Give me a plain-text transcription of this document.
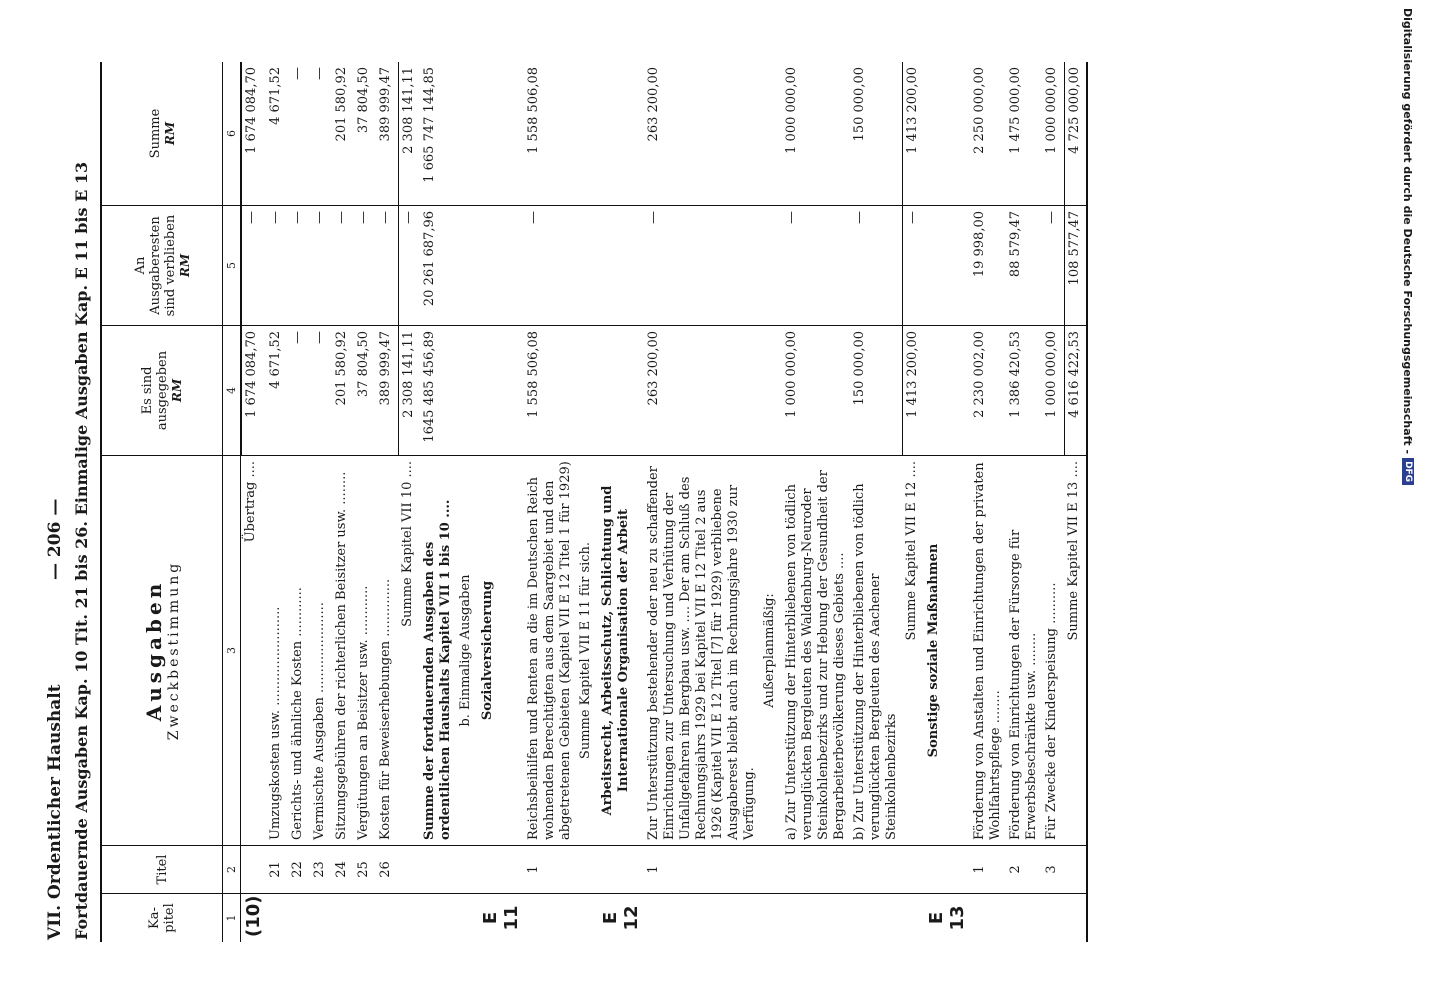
VII. Ordentlicher Haushalt
— 206 — Fortdauernde Ausgaben Kap. 10 Tit. 21 bis 26. Einmalige Ausgaben Kap. E 11 bis E 13	Ka-pitel
Titel
Ausgaben Zweckbestimmung
Es sind ausgegeben RM
An Ausgaberesten sind verblieben RM
Summe RM
1
2
3
4
5
6
(10)
Übertrag ....
1 674 084,70
—
1 674 084,70
21
Umzugskosten usw. ........................
4 671,52
—
4 671,52
22
Gerichts- und ähnliche Kosten ............
—
—
—
23
Vermischte Ausgaben ......................
—
—
—
24
Sitzungsgebühren der richterlichen Beisitzer usw. ........
201 580,92
—
201 580,92
25
Vergütungen an Beisitzer usw. ............
37 804,50
—
37 804,50
26
Kosten für Beweiserhebungen ..............
389 999,47
—
389 999,47
Summe Kapitel VII 10 ....
2 308 141,11
—
2 308 141,11
Summe der fortdauernden Ausgaben des ordentlichen Haushalts Kapitel VII 1 bis 10 ....
1645 485 456,89
20 261 687,96
1 665 747 144,85
b. Einmalige Ausgaben
E 11
Sozialversicherung
1
Reichsbeihilfen und Renten an die im Deutschen Reich wohnenden Berechtigten aus dem Saargebiet und den abgetretenen Gebieten (Kapitel VII E 12 Titel 1 für 1929)
1 558 506,08
—
1 558 506,08
Summe Kapitel VII E 11 für sich.
E 12
Arbeitsrecht, Arbeitsschutz, Schlichtung und Internationale Organisation der Arbeit
1
Zur Unterstützung bestehender oder neu zu schaffender Einrichtungen zur Untersuchung und Verhütung der Unfallgefahren im Bergbau usw. .... Der am Schluß des Rechnungsjahrs 1929 bei Kapitel VII E 12 Titel 2 aus 1926 (Kapitel VII E 12 Titel [7] für 1929) verbliebene Ausgaberest bleibt auch im Rechnungsjahre 1930 zur Verfügung.
263 200,00
—
263 200,00
Außerplanmäßig: a) Zur Unterstützung der Hinterbliebenen von tödlich verunglückten Bergleuten des Waldenburg-Neuroder Steinkohlenbezirks und zur Hebung der Gesundheit der Bergarbeiterbevölkerung dieses Gebiets ....
1 000 000,00
—
1 000 000,00
b) Zur Unterstützung der Hinterbliebenen von tödlich verunglückten Bergleuten des Aachener Steinkohlenbezirks
150 000,00
—
150 000,00
Summe Kapitel VII E 12 ....
1 413 200,00
—
1 413 200,00
E 13
Sonstige soziale Maßnahmen
1
Förderung von Anstalten und Einrichtungen der privaten Wohlfahrtspflege ........
2 230 002,00
19 998,00
2 250 000,00
2
Förderung von Einrichtungen der Fürsorge für Erwerbsbeschränkte usw. ........
1 386 420,53
88 579,47
1 475 000,00
3
Für Zwecke der Kinderspeisung ..........
1 000 000,00
—
1 000 000,00
Summe Kapitel VII E 13 ....
4 616 422,53
108 577,47
4 725 000,00	Digitalisierung gefördert durch die Deutsche Forschungsgemeinschaft -
DFG
